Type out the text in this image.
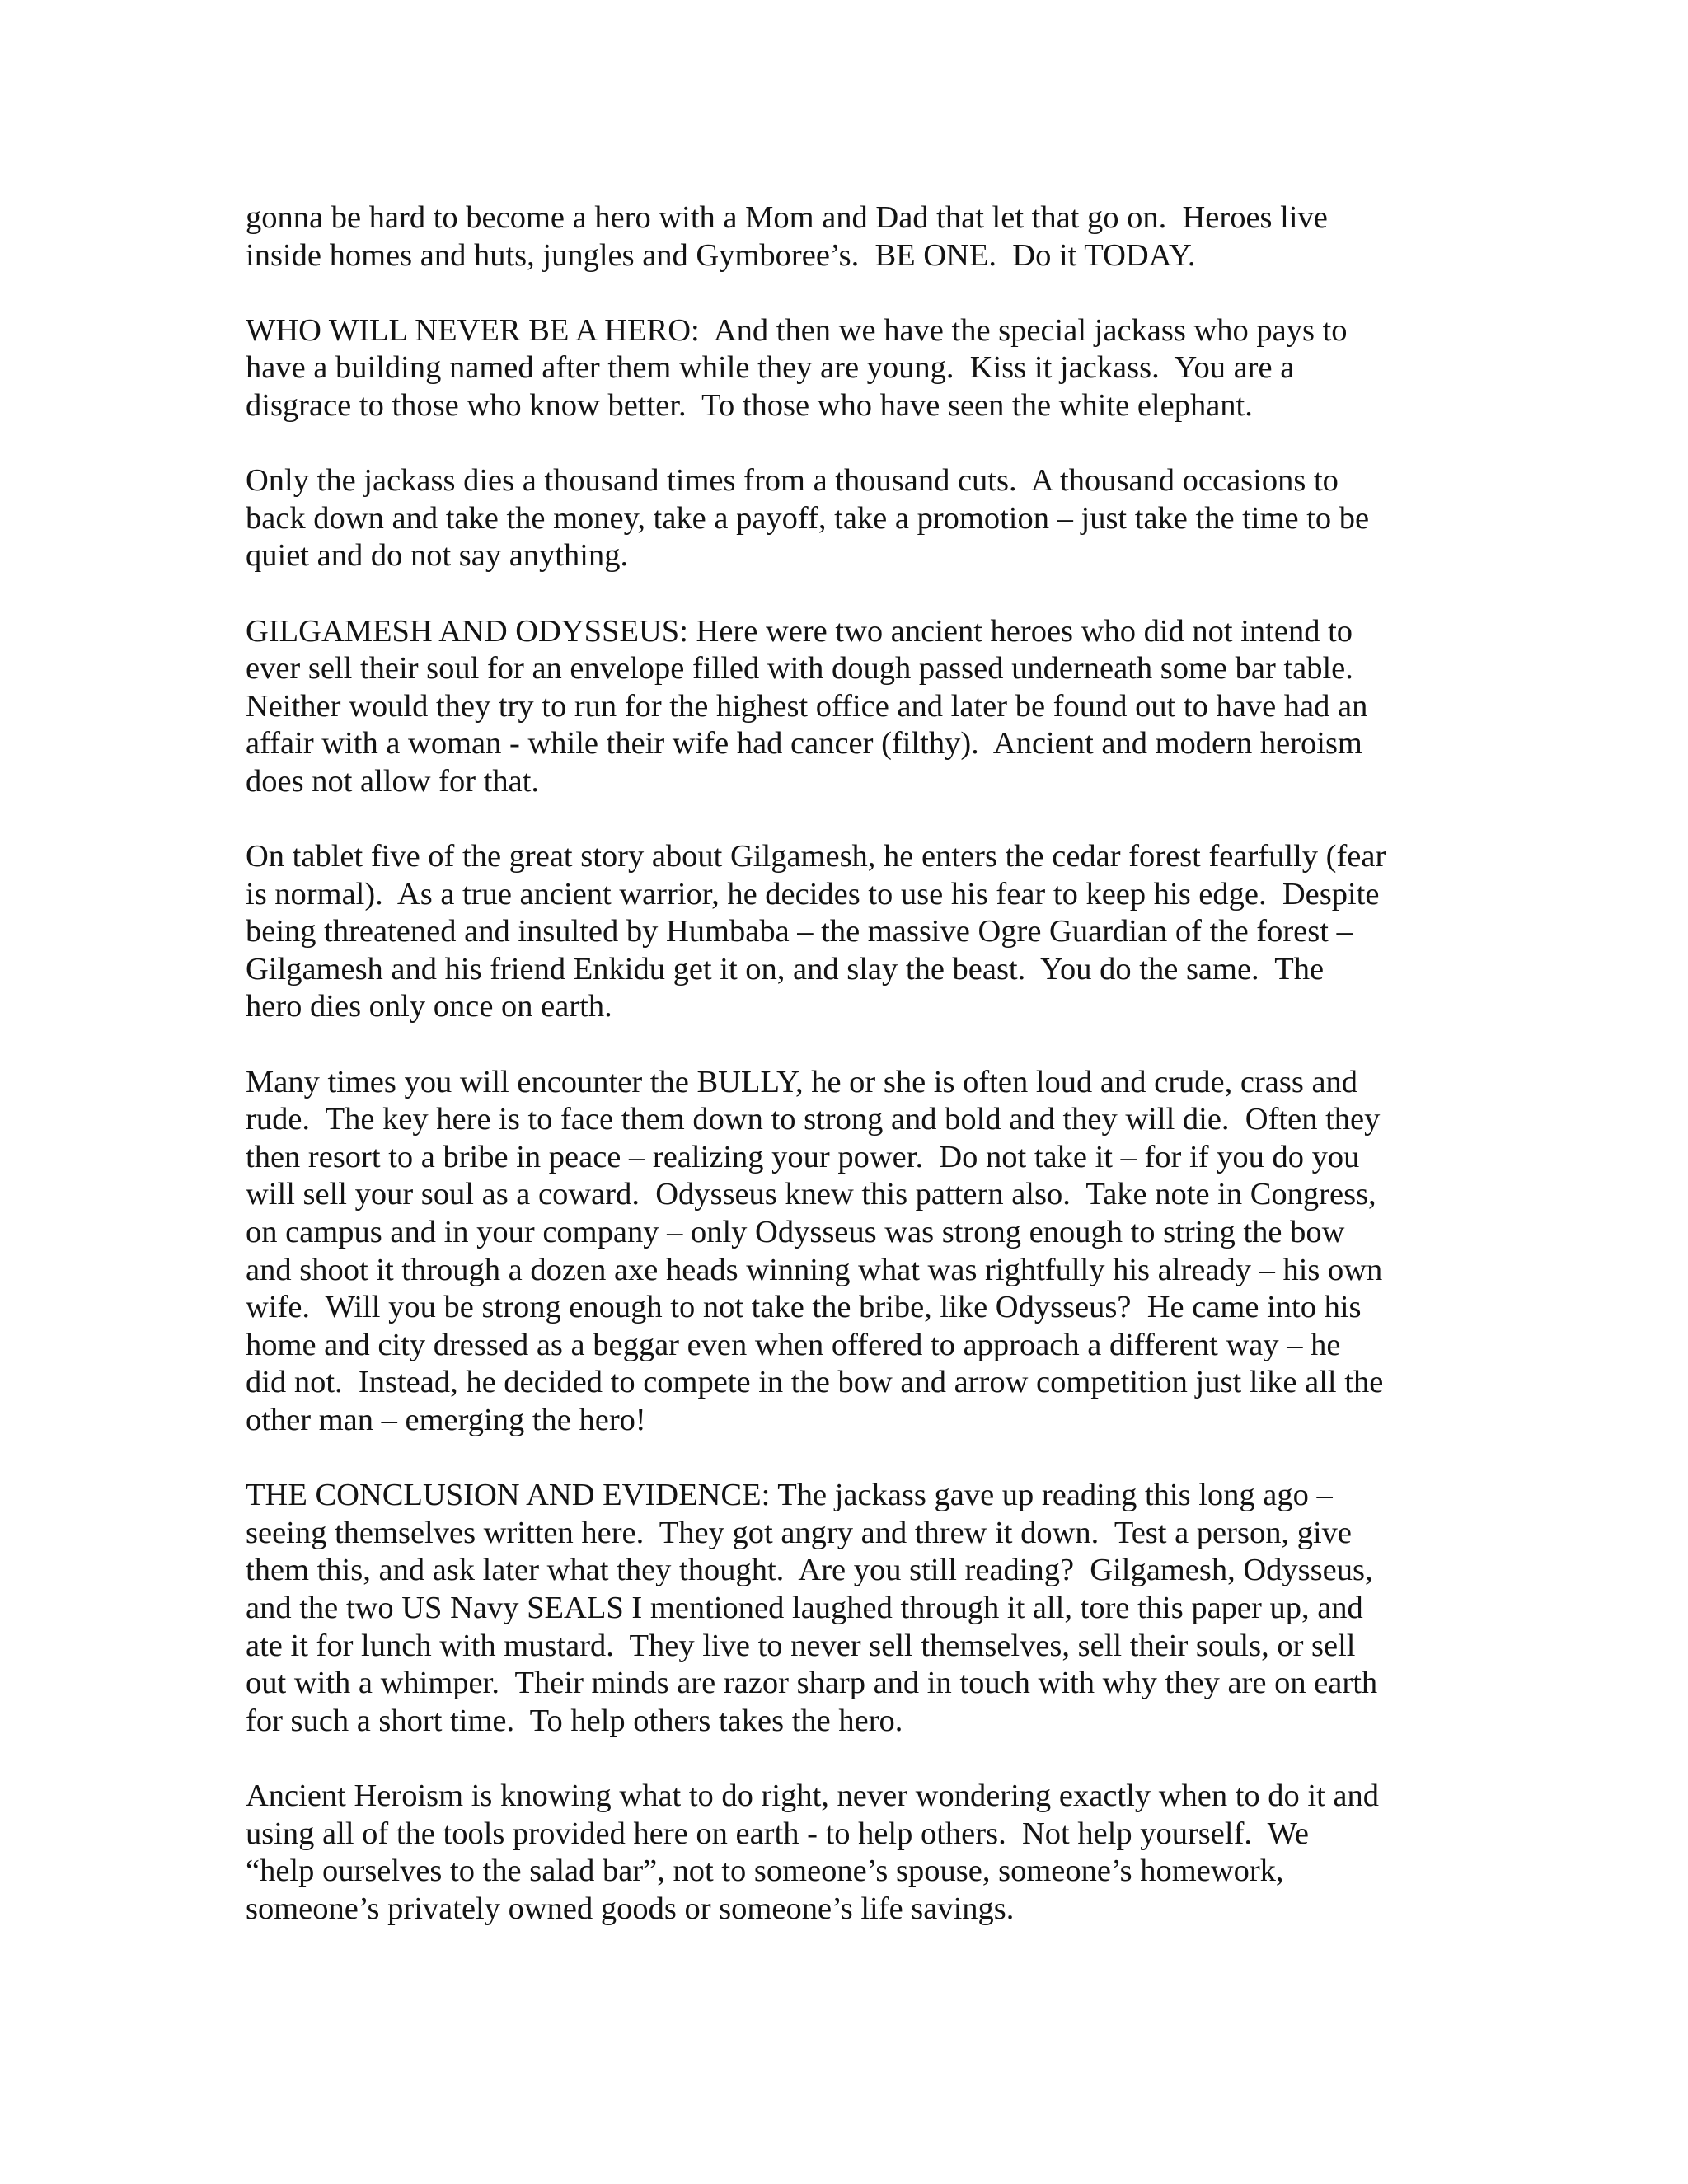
gonna be hard to become a hero with a Mom and Dad that let that go on.  Heroes live
inside homes and huts, jungles and Gymboree’s.  BE ONE.  Do it TODAY.

WHO WILL NEVER BE A HERO:  And then we have the special jackass who pays to
have a building named after them while they are young.  Kiss it jackass.  You are a
disgrace to those who know better.  To those who have seen the white elephant.

Only the jackass dies a thousand times from a thousand cuts.  A thousand occasions to
back down and take the money, take a payoff, take a promotion – just take the time to be
quiet and do not say anything.

GILGAMESH AND ODYSSEUS: Here were two ancient heroes who did not intend to
ever sell their soul for an envelope filled with dough passed underneath some bar table.
Neither would they try to run for the highest office and later be found out to have had an
affair with a woman - while their wife had cancer (filthy).  Ancient and modern heroism
does not allow for that.

On tablet five of the great story about Gilgamesh, he enters the cedar forest fearfully (fear
is normal).  As a true ancient warrior, he decides to use his fear to keep his edge.  Despite
being threatened and insulted by Humbaba – the massive Ogre Guardian of the forest –
Gilgamesh and his friend Enkidu get it on, and slay the beast.  You do the same.  The
hero dies only once on earth.

Many times you will encounter the BULLY, he or she is often loud and crude, crass and
rude.  The key here is to face them down to strong and bold and they will die.  Often they
then resort to a bribe in peace – realizing your power.  Do not take it – for if you do you
will sell your soul as a coward.  Odysseus knew this pattern also.  Take note in Congress,
on campus and in your company – only Odysseus was strong enough to string the bow
and shoot it through a dozen axe heads winning what was rightfully his already – his own
wife.  Will you be strong enough to not take the bribe, like Odysseus?  He came into his
home and city dressed as a beggar even when offered to approach a different way – he
did not.  Instead, he decided to compete in the bow and arrow competition just like all the
other man – emerging the hero!

THE CONCLUSION AND EVIDENCE: The jackass gave up reading this long ago –
seeing themselves written here.  They got angry and threw it down.  Test a person, give
them this, and ask later what they thought.  Are you still reading?  Gilgamesh, Odysseus,
and the two US Navy SEALS I mentioned laughed through it all, tore this paper up, and
ate it for lunch with mustard.  They live to never sell themselves, sell their souls, or sell
out with a whimper.  Their minds are razor sharp and in touch with why they are on earth
for such a short time.  To help others takes the hero.

Ancient Heroism is knowing what to do right, never wondering exactly when to do it and
using all of the tools provided here on earth - to help others.  Not help yourself.  We
“help ourselves to the salad bar”, not to someone’s spouse, someone’s homework,
someone’s privately owned goods or someone’s life savings.
